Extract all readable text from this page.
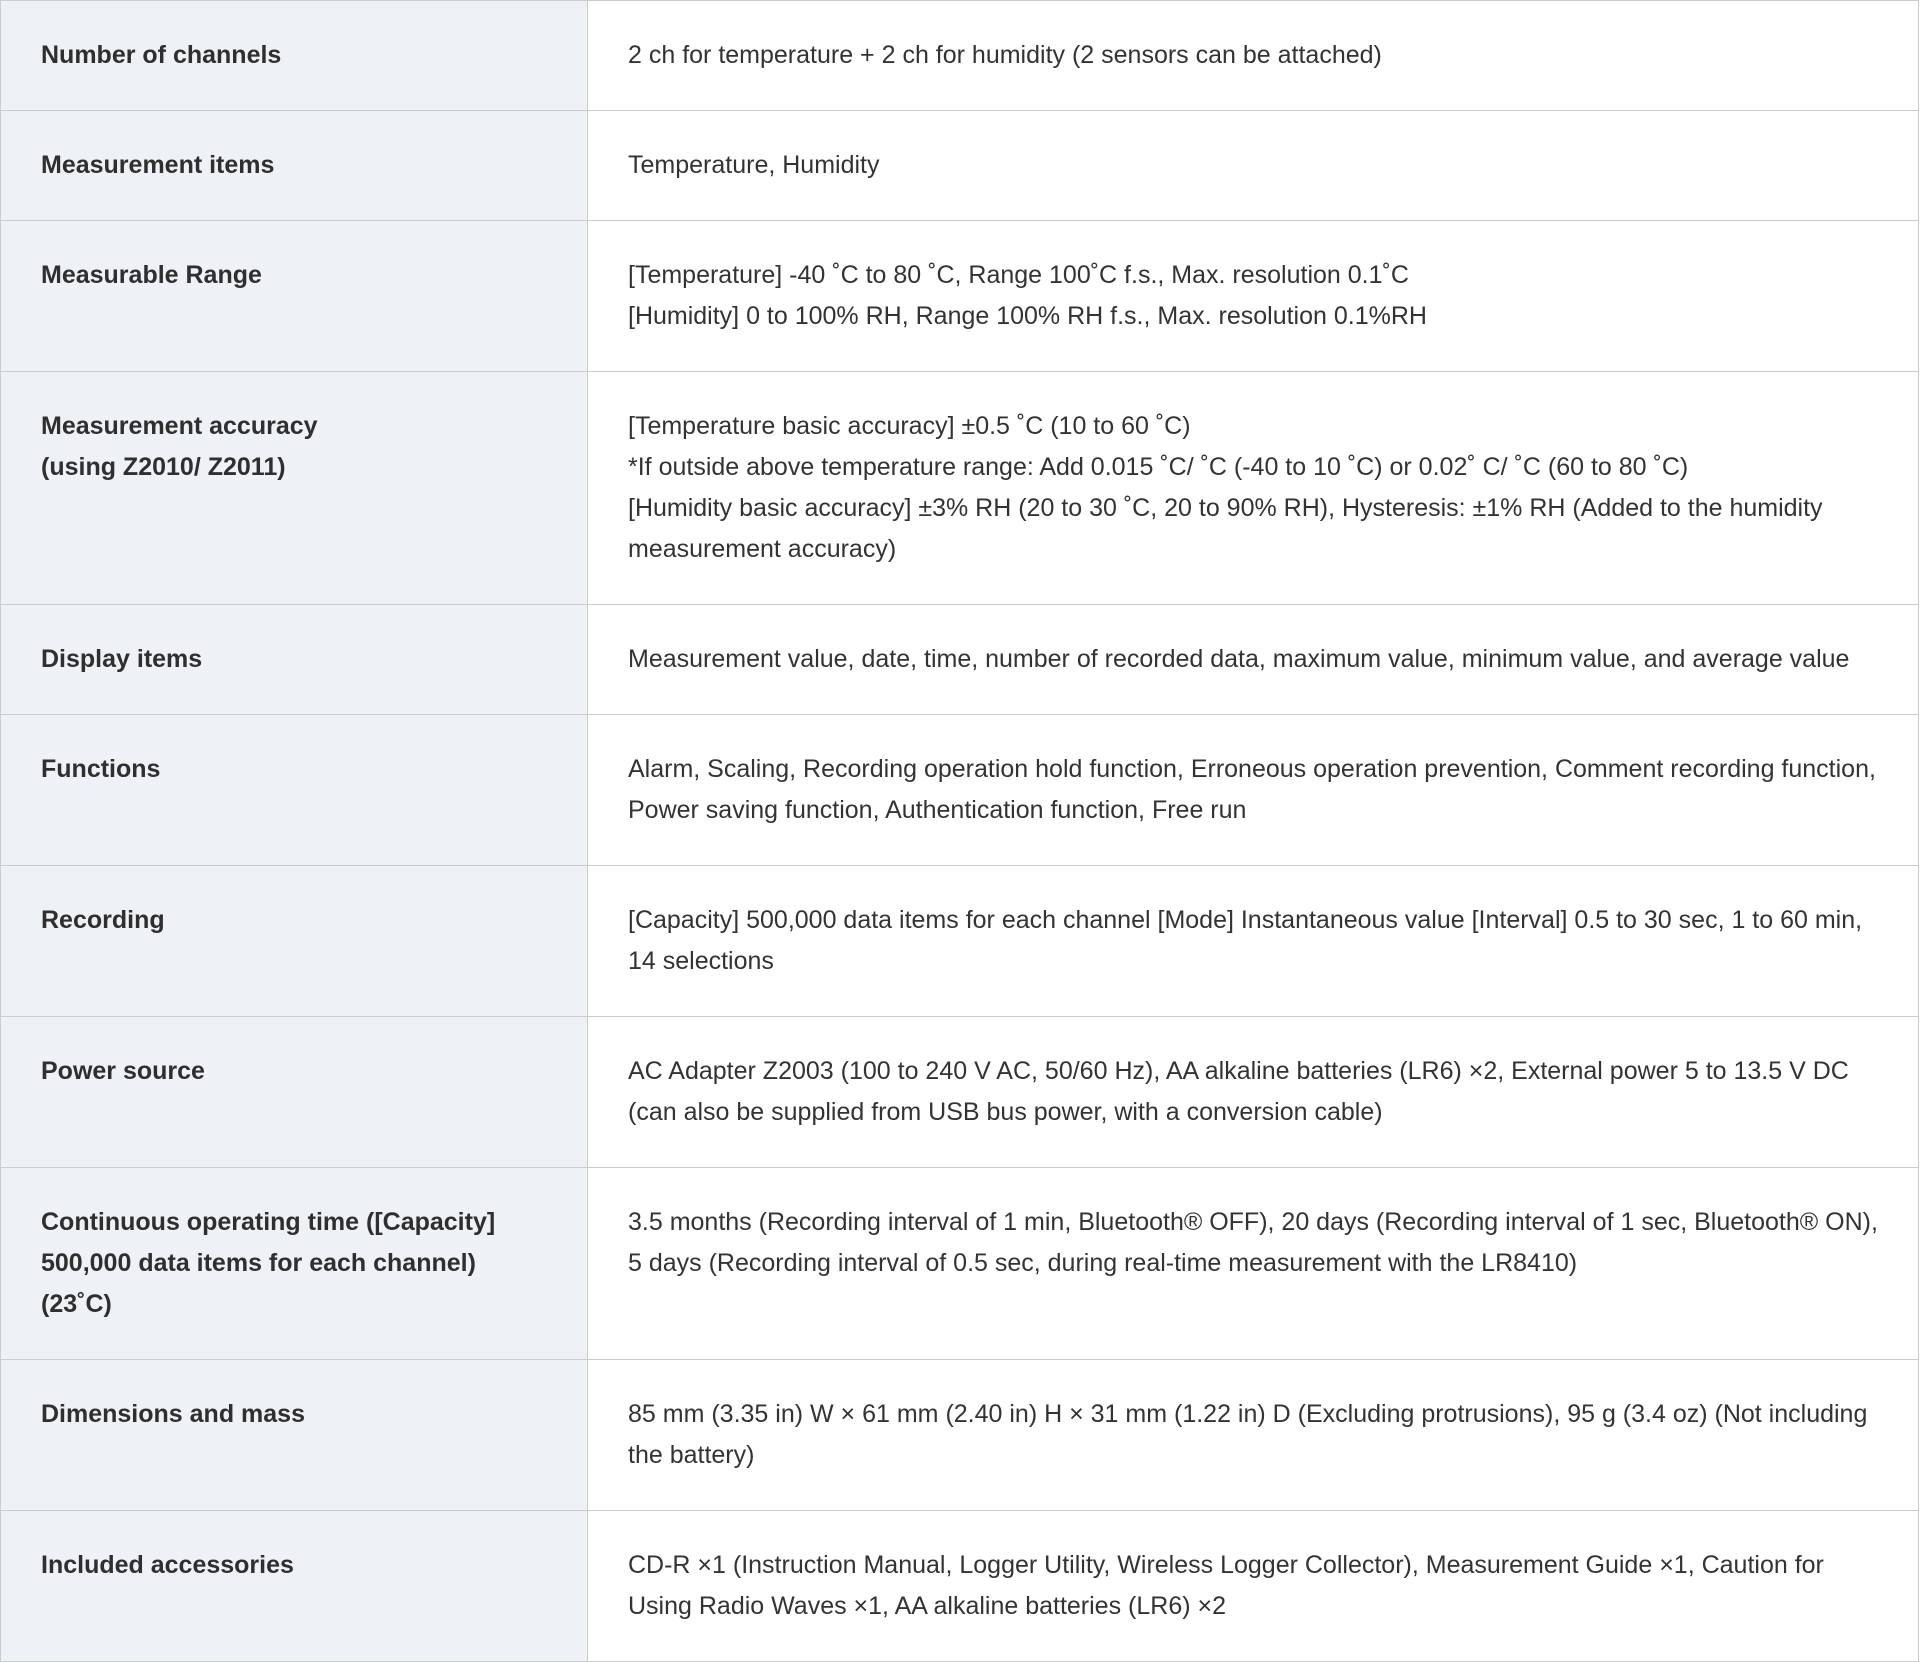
Number of channels	2 ch for temperature + 2 ch for humidity (2 sensors can be attached)

Measurement items	Temperature, Humidity

Measurable Range	[Temperature] -40 ˚C to 80 ˚C, Range 100˚C f.s., Max. resolution 0.1˚C
[Humidity] 0 to 100% RH, Range 100% RH f.s., Max. resolution 0.1%RH

Measurement accuracy
(using Z2010/ Z2011)	[Temperature basic accuracy] ±0.5 ˚C (10 to 60 ˚C)
*If outside above temperature range: Add 0.015 ˚C/ ˚C (-40 to 10 ˚C) or 0.02˚ C/ ˚C (60 to 80 ˚C)
[Humidity basic accuracy] ±3% RH (20 to 30 ˚C, 20 to 90% RH), Hysteresis: ±1% RH (Added to the humidity measurement accuracy)

Display items	Measurement value, date, time, number of recorded data, maximum value, minimum value, and average value

Functions	Alarm, Scaling, Recording operation hold function, Erroneous operation prevention, Comment recording function, Power saving function, Authentication function, Free run

Recording	[Capacity] 500,000 data items for each channel [Mode] Instantaneous value [Interval] 0.5 to 30 sec, 1 to 60 min, 14 selections

Power source	AC Adapter Z2003 (100 to 240 V AC, 50/60 Hz), AA alkaline batteries (LR6) ×2, External power 5 to 13.5 V DC (can also be supplied from USB bus power, with a conversion cable)

Continuous operating time ([Capacity] 500,000 data items for each channel) (23˚C)	3.5 months (Recording interval of 1 min, Bluetooth® OFF), 20 days (Recording interval of 1 sec, Bluetooth® ON), 5 days (Recording interval of 0.5 sec, during real-time measurement with the LR8410)

Dimensions and mass	85 mm (3.35 in) W × 61 mm (2.40 in) H × 31 mm (1.22 in) D (Excluding protrusions), 95 g (3.4 oz) (Not including the battery)

Included accessories	CD-R ×1 (Instruction Manual, Logger Utility, Wireless Logger Collector), Measurement Guide ×1, Caution for Using Radio Waves ×1, AA alkaline batteries (LR6) ×2
